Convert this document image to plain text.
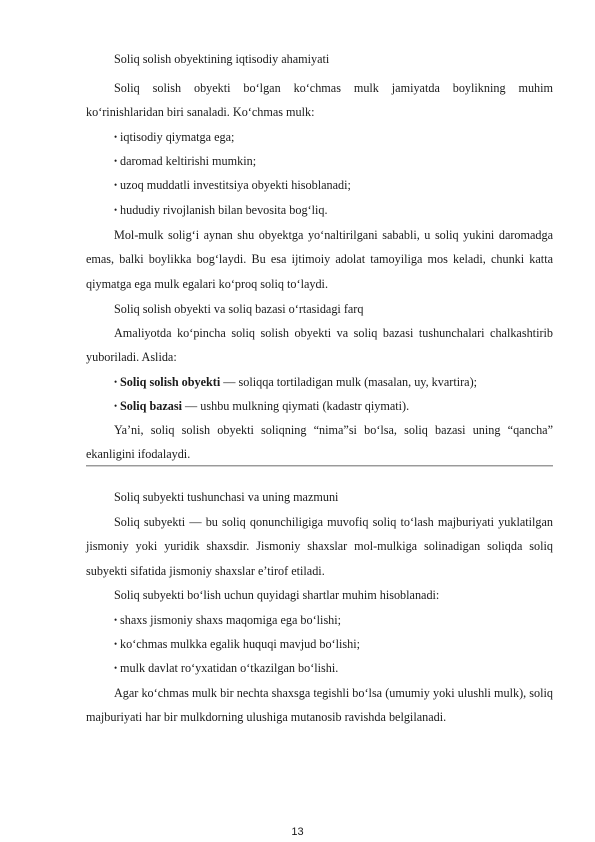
Soliq solish obyektining iqtisodiy ahamiyati

Soliq solish obyekti bo‘lgan ko‘chmas mulk jamiyatda boylikning muhim ko‘rinishlaridan biri sanaladi. Ko‘chmas mulk:

• iqtisodiy qiymatga ega;

• daromad keltirishi mumkin;

• uzoq muddatli investitsiya obyekti hisoblanadi;

• hududiy rivojlanish bilan bevosita bog‘liq.

Mol-mulk solig‘i aynan shu obyektga yo‘naltirilgani sababli, u soliq yukini daromadga emas, balki boylikka bog‘laydi. Bu esa ijtimoiy adolat tamoyiliga mos keladi, chunki katta qiymatga ega mulk egalari ko‘proq soliq to‘laydi.

Soliq solish obyekti va soliq bazasi o‘rtasidagi farq

Amaliyotda ko‘pincha soliq solish obyekti va soliq bazasi tushunchalari chalkashtirib yuboriladi. Aslida:

• Soliq solish obyekti — soliqqa tortiladigan mulk (masalan, uy, kvartira);

• Soliq bazasi — ushbu mulkning qiymati (kadastr qiymati).

Ya’ni, soliq solish obyekti soliqning “nima”si bo‘lsa, soliq bazasi uning “qancha” ekanligini ifodalaydi.

Soliq subyekti tushunchasi va uning mazmuni

Soliq subyekti — bu soliq qonunchiligiga muvofiq soliq to‘lash majburiyati yuklatilgan jismoniy yoki yuridik shaxsdir. Jismoniy shaxslar mol-mulkiga solinadigan soliqda soliq subyekti sifatida jismoniy shaxslar e’tirof etiladi.

Soliq subyekti bo‘lish uchun quyidagi shartlar muhim hisoblanadi:

• shaxs jismoniy shaxs maqomiga ega bo‘lishi;

• ko‘chmas mulkka egalik huquqi mavjud bo‘lishi;

• mulk davlat ro‘yxatidan o‘tkazilgan bo‘lishi.

Agar ko‘chmas mulk bir nechta shaxsga tegishli bo‘lsa (umumiy yoki ulushli mulk), soliq majburiyati har bir mulkdorning ulushiga mutanosib ravishda belgilanadi.

13
